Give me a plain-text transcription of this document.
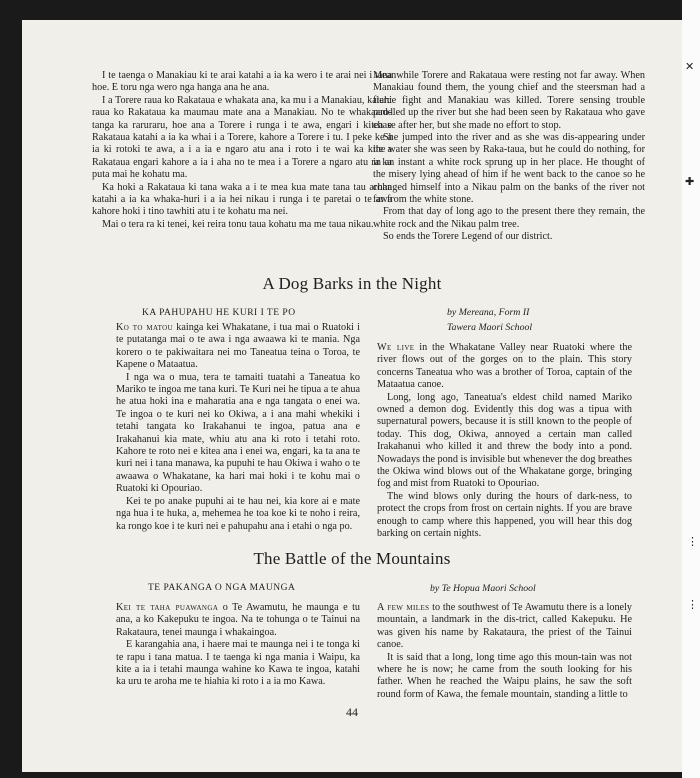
I te taenga o Manakiau ki te arai katahi a ia ka wero i te arai nei i tana hoe. E toru nga wero nga hanga ana he ana.

I a Torere raua ko Rakataua e whakata ana, ka mu i a Manakiau, katahi raua ko Rakataua ka maumau mate ana a Manakiau. No te whakaaro-tanga ka raruraru, hoe ana a Torere i runga i te awa, engari i kitea e Rakataua katahi a ia ka whai i a Torere, kahore a Torere i tu. I peke ke a ia ki rotoki te awa, a i a ia e ngaro atu ana i roto i te wai ka kite a Rakataua engari kahore a ia i aha no te mea i a Torere a ngaro atu ra ka puta mai he kohatu ma.

Ka hoki a Rakataua ki tana waka a i te mea kua mate tana tau aroha katahi a ia ka whaka-huri i a ia hei nikau i runga i te paretai o te awa kahore hoki i tino tawhiti atu i te kohatu ma nei.

Mai o tera ra ki tenei, kei reira tonu taua kohatu ma me taua nikau.

Meanwhile Torere and Rakataua were resting not far away. When Manakiau found them, the young chief and the steersman had a fierce fight and Manakiau was killed. Torere sensing trouble paddled up the river but she had been seen by Rakataua who gave chase after her, but she made no effort to stop.

She jumped into the river and as she was dis-appearing under the water she was seen by Raka-taua, but he could do nothing, for in an instant a white rock sprung up in her place. He thought of the misery lying ahead of him if he went back to the canoe so he changed himself into a Nikau palm on the banks of the river not far from the white stone.

From that day of long ago to the present there they remain, the white rock and the Nikau palm tree.

So ends the Torere Legend of our district.

A Dog Barks in the Night
KA PAHUPAHU HE KURI I TE PO	by Mereana, Form II
Tawera Maori School

Ko to matou kainga kei Whakatane, i tua mai o Ruatoki i te putatanga mai o te awa i nga awaawa ki te mania. Nga korero o te pakiwaitara nei mo Taneatua teina o Toroa, te Kapene o Mataatua.

I nga wa o mua, tera te tamaiti tuatahi a Taneatua ko Mariko te ingoa me tana kuri. Te Kuri nei he tipua a te ahua he atua hoki ina e maharatia ana e nga tangata o enei wa. Te ingoa o te kuri nei ko Okiwa, a i ana mahi whekiki i tetahi tangata ko Irakahanui te ingoa, patua ana e Irakahanui kia mate, whiu atu ana ki roto i tetahi roto. Kahore te roto nei e kitea ana i enei wa, engari, ka ta ana te kuri nei i tana manawa, ka pupuhi te hau Okiwa i waho o te awaawa o Whakatane, ka hari mai hoki i te kohu mai o Ruatoki ki Opouriao.

Kei te po anake pupuhi ai te hau nei, kia kore ai e mate nga hua i te huka, a, mehemea he toa koe ki te noho i reira, ka rongo koe i te kuri nei e pahupahu ana i etahi o nga po.

We live in the Whakatane Valley near Ruatoki where the river flows out of the gorges on to the plain. This story concerns Taneatua who was a brother of Toroa, captain of the Mataatua canoe.

Long, long ago, Taneatua's eldest child named Mariko owned a demon dog. Evidently this dog was a tipua with supernatural powers, because it is still known to the people of today. This dog, Okiwa, annoyed a certain man called Irakahanui who killed it and threw the body into a pond. Nowadays the pond is invisible but whenever the dog breathes the Okiwa wind blows out of the Whakatane gorge, bringing fog and mist from Ruatoki to Opouriao.

The wind blows only during the hours of dark-ness, to protect the crops from frost on certain nights. If you are brave enough to camp where this happened, you will hear this dog barking on certain nights.

The Battle of the Mountains
TE PAKANGA O NGA MAUNGA	by Te Hopua Maori School

Kei te taha puawanga o Te Awamutu, he maunga e tu ana, a ko Kakepuku te ingoa. Na te tohunga o te Tainui na Rakataura, tenei maunga i whakaingoa.

E karangahia ana, i haere mai te maunga nei i te tonga ki te rapu i tana matua. I te taenga ki nga mania i Waipu, ka kite a ia i tetahi maunga wahine ko Kawa te ingoa, katahi ka uru te aroha me te hiahia ki roto i a ia mo Kawa.

A few miles to the southwest of Te Awamutu there is a lonely mountain, a landmark in the dis-trict, called Kakepuku. He was given his name by Rakataura, the priest of the Tainui canoe.

It is said that a long, long time ago this moun-tain was not where he is now; he came from the south looking for his father. When he reached the Waipu plains, he saw the soft round form of Kawa, the female mountain, standing a little to

44
✕
✚
⋮
⋮
